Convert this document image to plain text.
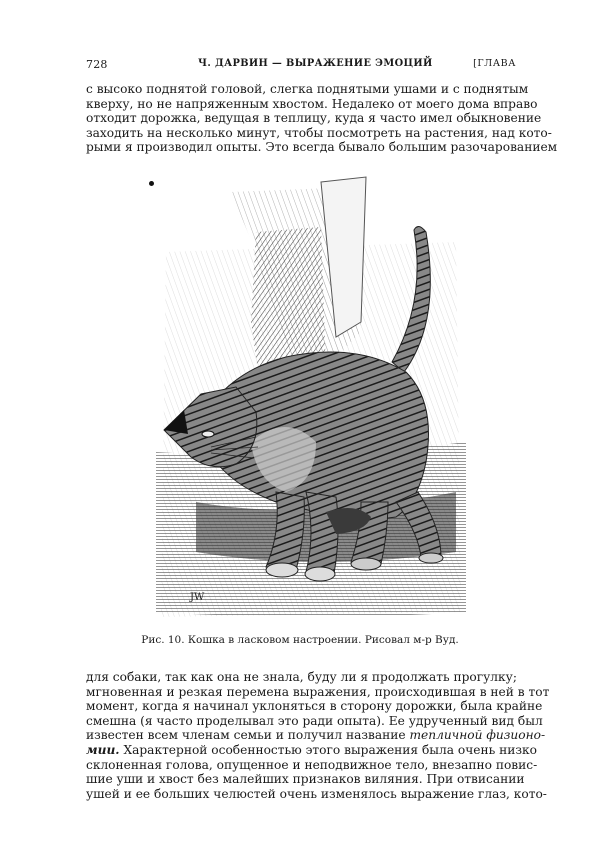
728	Ч. ДАРВИН — ВЫРАЖЕНИЕ ЭМОЦИЙ	[ГЛАВА
с высоко поднятой головой, слегка поднятыми ушами и с поднятым
кверху, но не напряженным хвостом. Недалеко от моего дома вправо
отходит дорожка, ведущая в теплицу, куда я часто имел обыкновение
заходить на несколько минут, чтобы посмотреть на растения, над кото-
рыми я производил опыты. Это всегда бывало большим разочарованием
JW
Рис. 10. Кошка в ласковом настроении. Рисовал м-р Вуд.
для собаки, так как она не знала, буду ли я продолжать прогулку;
мгновенная и резкая перемена выражения, происходившая в ней в тот
момент, когда я начинал уклоняться в сторону дорожки, была крайне
смешна (я часто проделывал это ради опыта). Ее удрученный вид был
известен всем членам семьи и получил название тепличной физионо-
мии. Характерной особенностью этого выражения была очень низко
склоненная голова, опущенное и неподвижное тело, внезапно повис-
шие уши и хвост без малейших признаков виляния. При отвисании
ушей и ее больших челюстей очень изменялось выражение глаз, кото-
